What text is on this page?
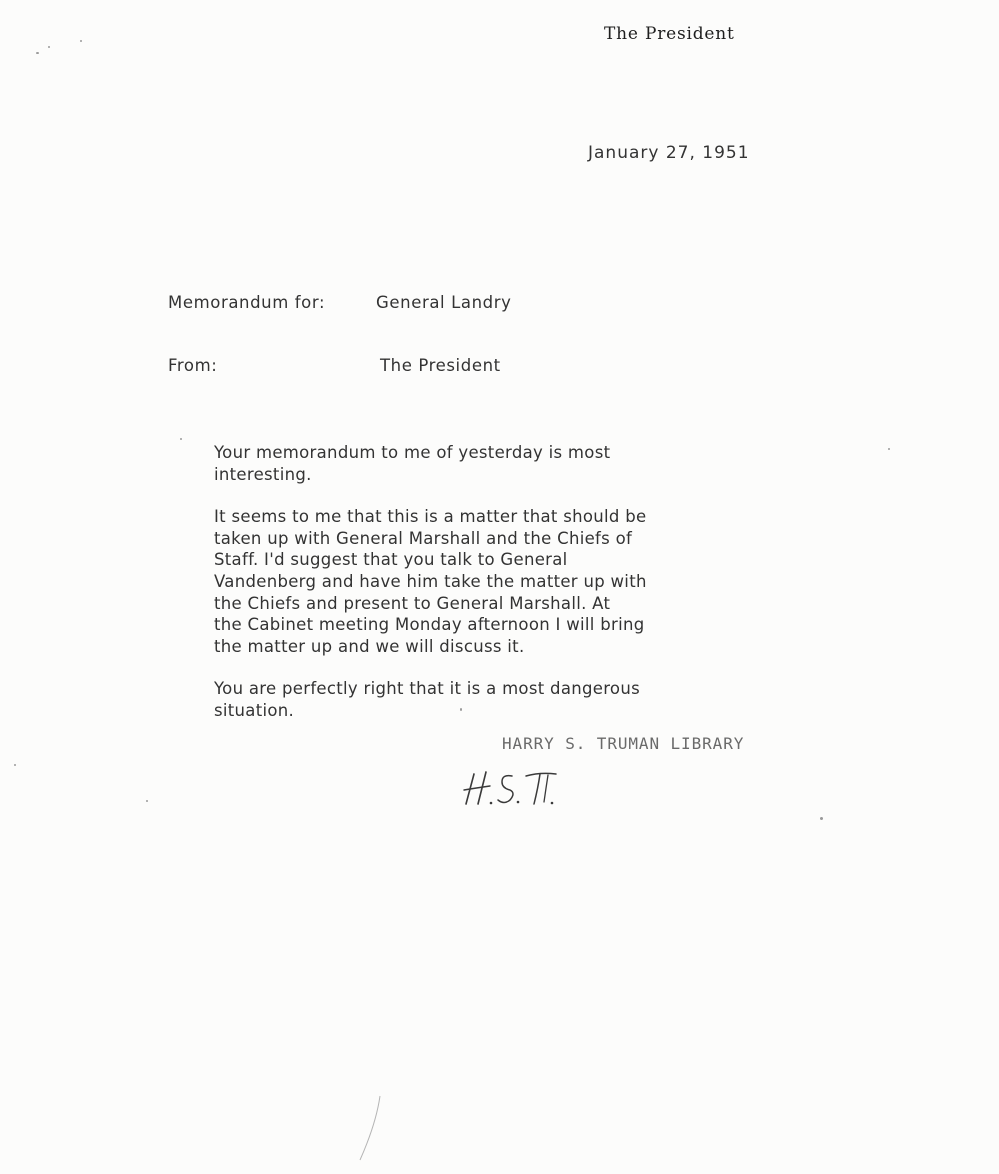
The President
January 27, 1951
Memorandum for:	General Landry
From:	The President
Your memorandum to me of yesterday is most
interesting.
It seems to me that this is a matter that should be
taken up with General Marshall and the Chiefs of
Staff. I'd suggest that you talk to General
Vandenberg and have him take the matter up with
the Chiefs and present to General Marshall. At
the Cabinet meeting Monday afternoon I will bring
the matter up and we will discuss it.
You are perfectly right that it is a most dangerous
situation.
HARRY S. TRUMAN LIBRARY
